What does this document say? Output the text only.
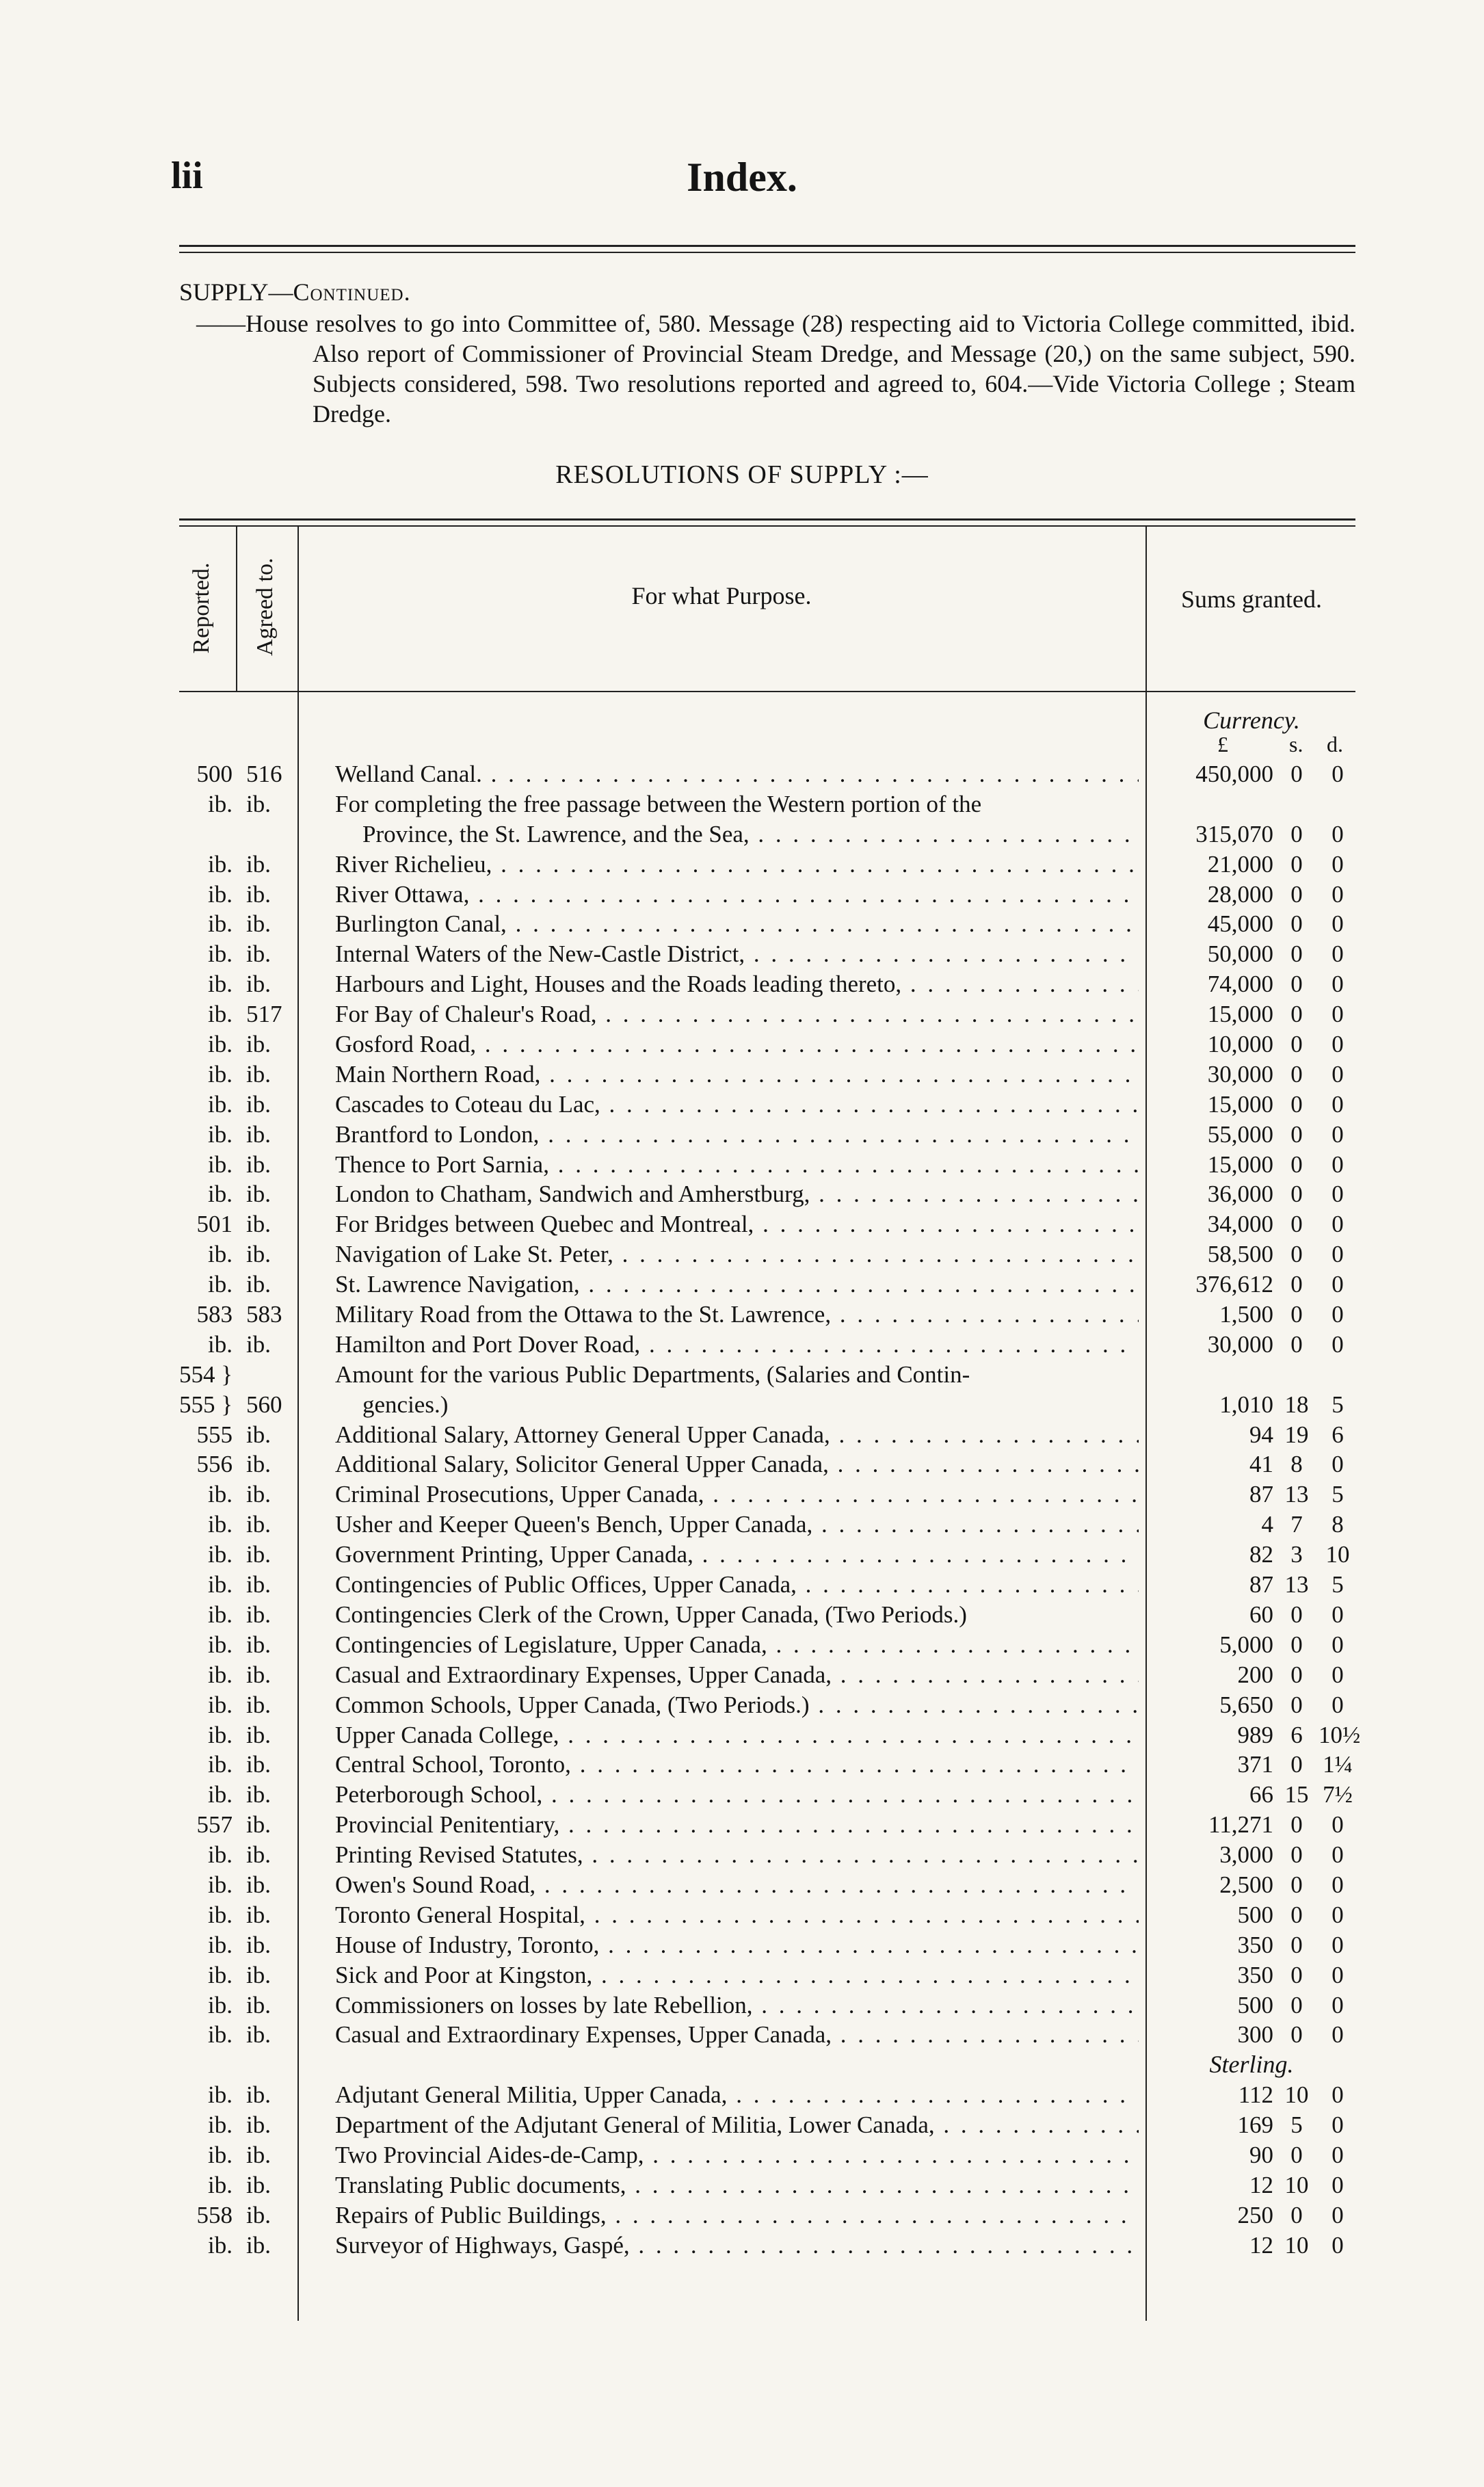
lii	Index.
SUPPLY—Continued.
——House resolves to go into Committee of, 580. Message (28) respecting aid to Victoria College committed, ibid. Also report of Commissioner of Provincial Steam Dredge, and Message (20,) on the same subject, 590. Subjects considered, 598. Two resolutions reported and agreed to, 604.—Vide Victoria College ; Steam Dredge.
RESOLUTIONS OF SUPPLY :—
Reported. Agreed to.	For what Purpose.	Sums granted.
Currency.
£	s. d.
500 516	Welland Canal. . . .	450,000 0	0
ib. ib.	For completing the free passage between the Western portion of the
Province, the St. Lawrence, and the Sea, . . .	315,070 0	0
ib. ib.	River Richelieu, . . .	21,000 0	0
ib. ib.	River Ottawa, . . .	28,000 0	0
ib. ib.	Burlington Canal, . . .	45,000 0	0
ib. ib.	Internal Waters of the New-Castle District, . . .	50,000 0	0
ib. ib.	Harbours and Light, Houses and the Roads leading thereto, . . .	74,000 0	0
ib. 517	For Bay of Chaleur's Road, . . .	15,000 0	0
ib. ib.	Gosford Road, . . .	10,000 0	0
ib. ib.	Main Northern Road, . . .	30,000 0	0
ib. ib.	Cascades to Coteau du Lac, . . .	15,000 0	0
ib. ib.	Brantford to London, . . .	55,000 0	0
ib. ib.	Thence to Port Sarnia, . . .	15,000 0	0
ib. ib.	London to Chatham, Sandwich and Amherstburg, . . .	36,000 0	0
501 ib.	For Bridges between Quebec and Montreal, . . .	34,000 0	0
ib. ib.	Navigation of Lake St. Peter, . . .	58,500 0	0
ib. ib.	St. Lawrence Navigation, . . .	376,612 0	0
583 583	Military Road from the Ottawa to the St. Lawrence, . . .	1,500 0	0
ib. ib.	Hamilton and Port Dover Road, . . .	30,000 0	0
554 }	Amount for the various Public Departments, (Salaries and Contin-
555 } 560	gencies.)	1,010 18 5
555 ib.	Additional Salary, Attorney General Upper Canada, . . .	94 19 6
556 ib.	Additional Salary, Solicitor General Upper Canada, . . .	41 8	0
ib. ib.	Criminal Prosecutions, Upper Canada, . . .	87 13 5
ib. ib.	Usher and Keeper Queen's Bench, Upper Canada, . . .	4 7	8
ib. ib.	Government Printing, Upper Canada, . . .	82 3 10
ib. ib.	Contingencies of Public Offices, Upper Canada, . . .	87 13 5
ib. ib.	Contingencies Clerk of the Crown, Upper Canada, (Two Periods.)	60 0	0
ib. ib.	Contingencies of Legislature, Upper Canada, . . .	5,000 0	0
ib. ib.	Casual and Extraordinary Expenses, Upper Canada, . . .	200 0	0
ib. ib.	Common Schools, Upper Canada, (Two Periods.) . . .	5,650 0	0
ib. ib.	Upper Canada College, . . .	989 6 10½
ib. ib.	Central School, Toronto, . . .	371 0 1¼
ib. ib.	Peterborough School, . . .	66 15 7½
557 ib.	Provincial Penitentiary, . . .	11,271 0	0
ib. ib.	Printing Revised Statutes, . . .	3,000 0	0
ib. ib.	Owen's Sound Road, . . .	2,500 0	0
ib. ib.	Toronto General Hospital, . . .	500 0	0
ib. ib.	House of Industry, Toronto, . . .	350 0	0
ib. ib.	Sick and Poor at Kingston, . . .	350 0	0
ib. ib.	Commissioners on losses by late Rebellion, . . .	500 0	0
ib. ib.	Casual and Extraordinary Expenses, Upper Canada, . . .	300 0	0
Sterling.
ib. ib.	Adjutant General Militia, Upper Canada, . . .	112 10 0
ib. ib.	Department of the Adjutant General of Militia, Lower Canada, . . .	169 5	0
ib. ib.	Two Provincial Aides-de-Camp, . . .	90 0	0
ib. ib.	Translating Public documents, . . .	12 10 0
558 ib.	Repairs of Public Buildings, . . .	250 0	0
ib. ib.	Surveyor of Highways, Gaspé, . . .	12 10 0
